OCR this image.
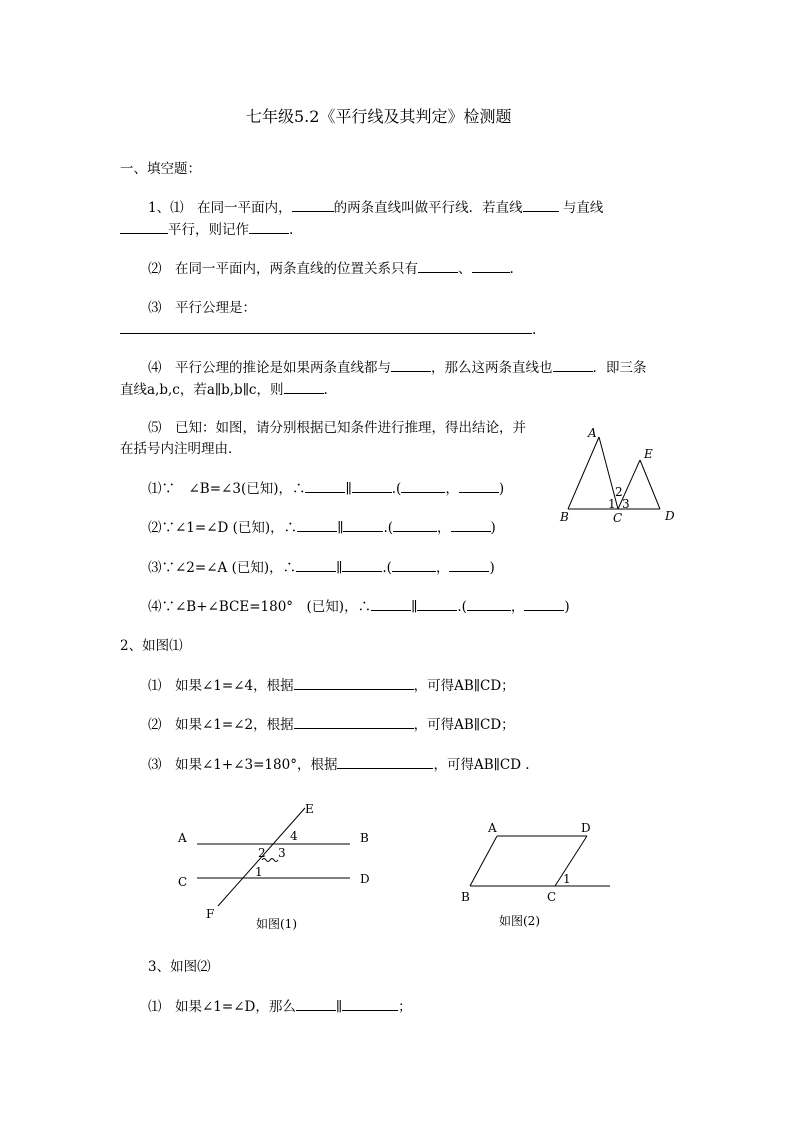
七年级5.2《平行线及其判定》检测题
一、填空题：
1、⑴　在同一平面内，	的两条直线叫做平行线．若直线	与直线
平行，则记作	.
⑵　在同一平面内，两条直线的位置关系只有	、	.
⑶　平行公理是：
.
⑷　平行公理的推论是如果两条直线都与	，那么这两条直线也	．即三条
直线a,b,c，若a∥b,b∥c，则	.
⑸　已知：如图，请分别根据已知条件进行推理，得出结论，并
在括号内注明理由．
⑴∵　∠B=∠3(已知)，∴	∥	.(	，	)
⑵∵∠1=∠D (已知)，∴	∥	.(	，	)
⑶∵∠2=∠A (已知)，∴	∥	.(	，	)
⑷∵∠B+∠BCE=180°　(已知)，∴	∥	.(	，	)
A
E
B	C	D
1
2
3
2、如图⑴
⑴　如果∠1=∠4，根据	，可得AB∥CD；
⑵　如果∠1=∠2，根据	，可得AB∥CD；
⑶　如果∠1+∠3=180°，根据	，可得AB∥CD .
E
A	B
C	D
F
4
2 3
1
如图(1)
A	D
B	C
1
如图(2)
3、如图⑵
⑴　如果∠1=∠D，那么	∥	；
